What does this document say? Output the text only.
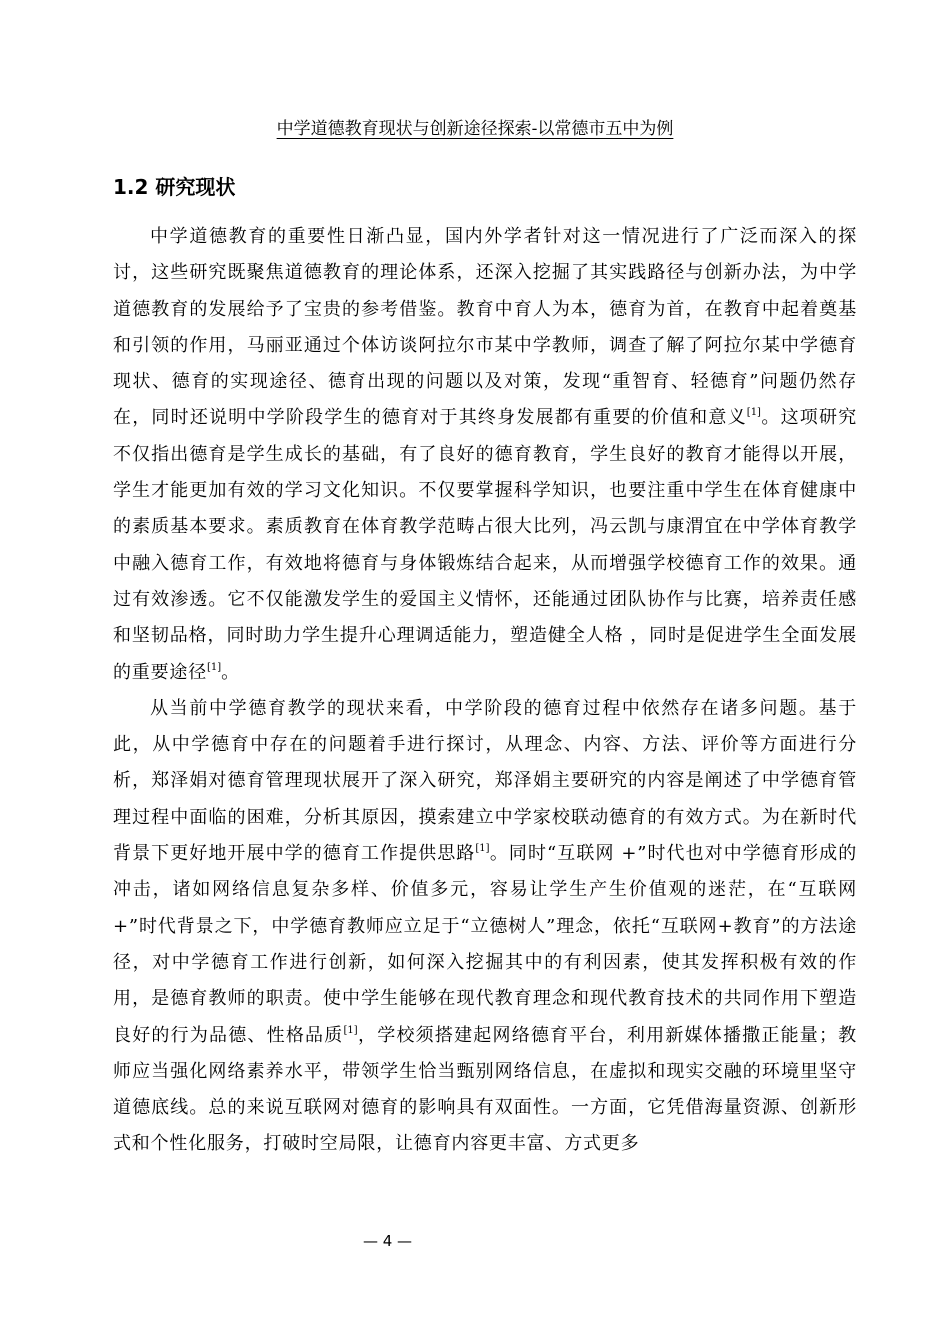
中学道德教育现状与创新途径探索-以常德市五中为例
1.2 研究现状

中学道德教育的重要性日渐凸显，国内外学者针对这一情况进行了广泛而深入的探讨，这些研究既聚焦道德教育的理论体系，还深入挖掘了其实践路径与创新办法，为中学道德教育的发展给予了宝贵的参考借鉴。教育中育人为本，德育为首，在教育中起着奠基和引领的作用，马丽亚通过个体访谈阿拉尔市某中学教师，调查了解了阿拉尔某中学德育现状、德育的实现途径、德育出现的问题以及对策，发现“重智育、轻德育”问题仍然存在，同时还说明中学阶段学生的德育对于其终身发展都有重要的价值和意义[1]。这项研究不仅指出德育是学生成长的基础，有了良好的德育教育，学生良好的教育才能得以开展，学生才能更加有效的学习文化知识。不仅要掌握科学知识，也要注重中学生在体育健康中的素质基本要求。素质教育在体育教学范畴占很大比列，冯云凯与康渭宜在中学体育教学中融入德育工作，有效地将德育与身体锻炼结合起来，从而增强学校德育工作的效果。通过有效渗透。它不仅能激发学生的爱国主义情怀，还能通过团队协作与比赛，培养责任感和坚韧品格，同时助力学生提升心理调适能力，塑造健全人格 ，同时是促进学生全面发展的重要途径[1]。

从当前中学德育教学的现状来看，中学阶段的德育过程中依然存在诸多问题。基于此，从中学德育中存在的问题着手进行探讨，从理念、内容、方法、评价等方面进行分析，郑泽娟对德育管理现状展开了深入研究，郑泽娟主要研究的内容是阐述了中学德育管理过程中面临的困难，分析其原因，摸索建立中学家校联动德育的有效方式。为在新时代背景下更好地开展中学的德育工作提供思路[1]。同时“互联网 +”时代也对中学德育形成的冲击，诸如网络信息复杂多样、价值多元，容易让学生产生价值观的迷茫，在“互联网+”时代背景之下，中学德育教师应立足于“立德树人”理念，依托“互联网+教育”的方法途径，对中学德育工作进行创新，如何深入挖掘其中的有利因素，使其发挥积极有效的作用，是德育教师的职责。使中学生能够在现代教育理念和现代教育技术的共同作用下塑造良好的行为品德、性格品质[1]，学校须搭建起网络德育平台，利用新媒体播撒正能量；教师应当强化网络素养水平，带领学生恰当甄别网络信息，在虚拟和现实交融的环境里坚守道德底线。总的来说互联网对德育的影响具有双面性。一方面，它凭借海量资源、创新形式和个性化服务，打破时空局限，让德育内容更丰富、方式更多

— 4 —
